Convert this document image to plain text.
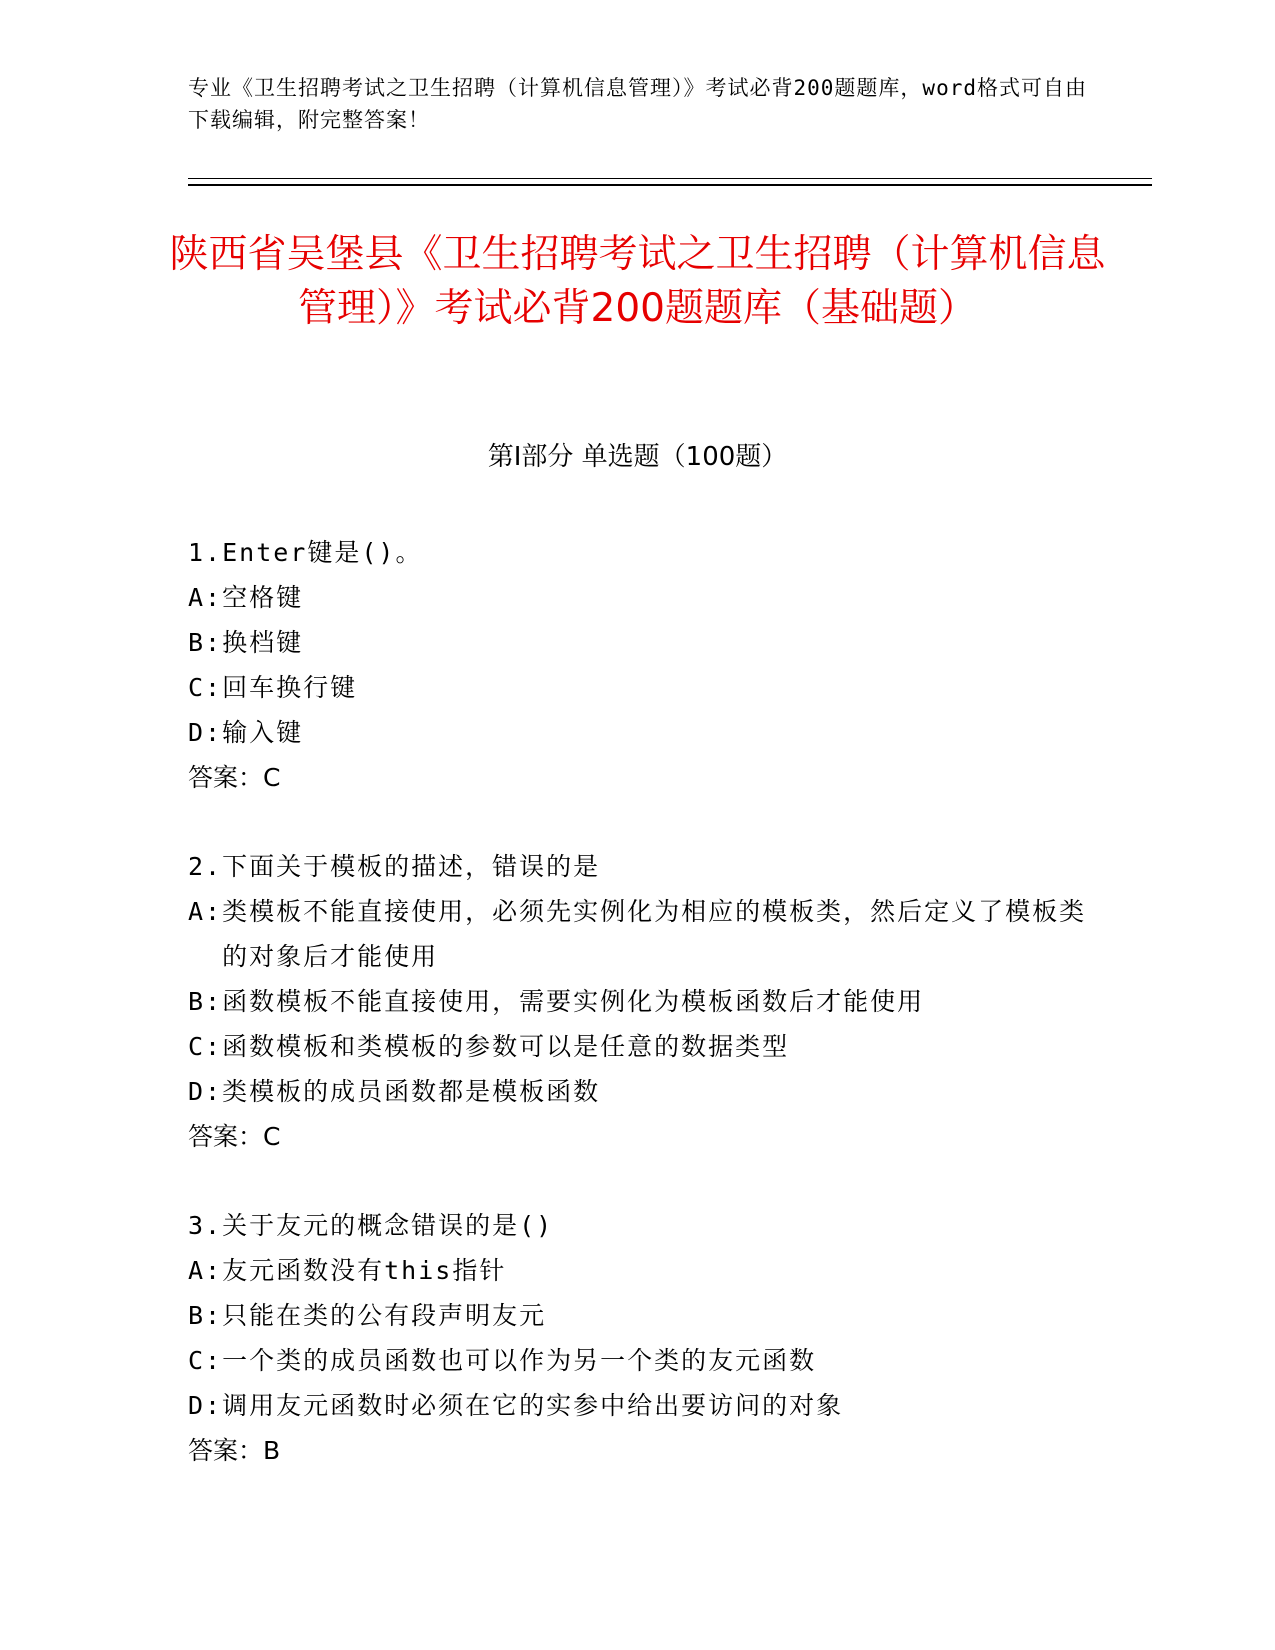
专业《卫生招聘考试之卫生招聘（计算机信息管理）》考试必背200题题库，word格式可自由下载编辑，附完整答案！
陕西省吴堡县《卫生招聘考试之卫生招聘（计算机信息管理）》考试必背200题题库（基础题）
第Ⅰ部分 单选题（100题）
1.Enter键是()。
A: 空格键
B: 换档键
C: 回车换行键
D: 输入键
答案：C
2.下面关于模板的描述，错误的是
A: 类模板不能直接使用，必须先实例化为相应的模板类，然后定义了模板类的对象后才能使用
B: 函数模板不能直接使用，需要实例化为模板函数后才能使用
C: 函数模板和类模板的参数可以是任意的数据类型
D: 类模板的成员函数都是模板函数
答案：C
3.关于友元的概念错误的是()
A: 友元函数没有this指针
B: 只能在类的公有段声明友元
C: 一个类的成员函数也可以作为另一个类的友元函数
D: 调用友元函数时必须在它的实参中给出要访问的对象
答案：B
